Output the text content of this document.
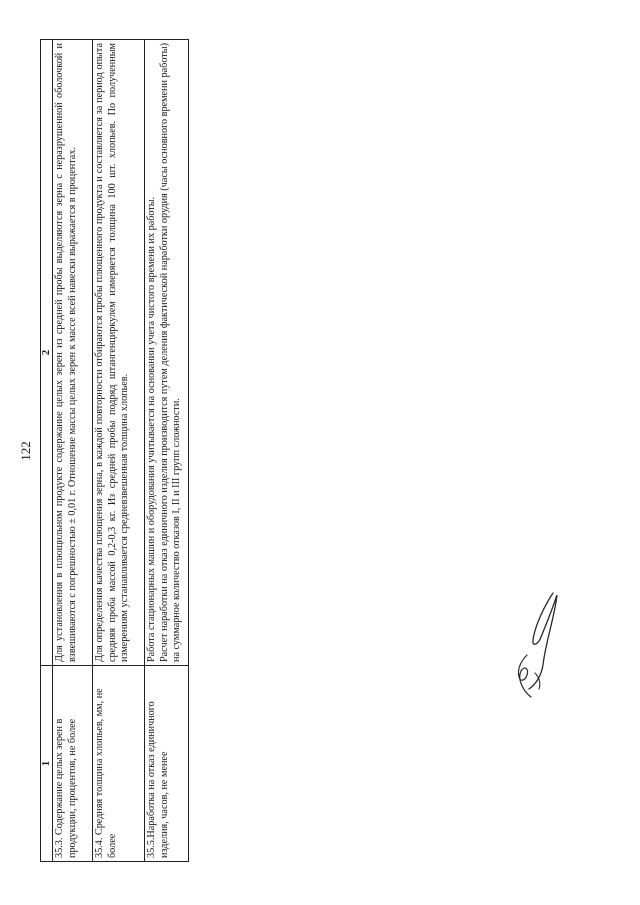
1	2
35.3. Содержание целых зерен в продукции, процентов, не более	Для установления в плющильном продукте содержание целых зерен из средней пробы выделяются зерна с неразрушенной оболочкой и взвешиваются с погрешностью ± 0,01 г. Отношение массы целых зерен к массе всей навески выражается в процентах.
35.4. Средняя толщина хлопьев, мм, не более	Для определения качества плющения зерна, в каждой повторности отбираются пробы плющенного продукта и составляется за период опыта средняя проба массой 0,2-0,3 кг. Из средней пробы подряд штангенциркулем измеряется толщина 100 шт. хлопьев. По полученным измерениям устанавливается средневзвешенная толщина хлопьев.
35.5.Наработка на отказ единичного изделия, часов, не менее	Работа стационарных машин и оборудования учитывается на основании учета чистого времени их работы. Расчет наработки на отказ единичного изделия производится путем деления фактической наработки орудия (часы основного времени работы) на суммарное количество отказов I, II и III групп сложности.
122
